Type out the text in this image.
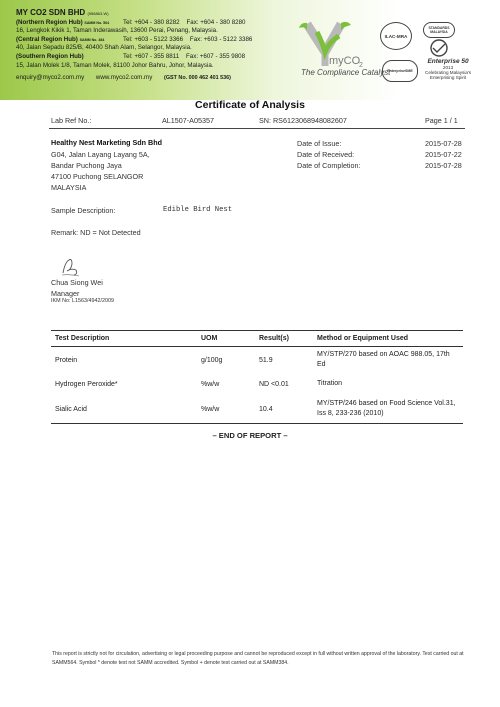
MY CO2 SDN BHD (956863-W)
(Northern Region Hub) SAMM No. 564 Tel: +604 - 380 8282 Fax: +604 - 380 8280
16, Lengkok Kikik 1, Taman Inderawasih, 13600 Perai, Penang, Malaysia.
(Central Region Hub) SAMM No. 384	Tel: +603 - 5122 3366 Fax: +603 - 5122 3386
40, Jalan Sepadu 825/B, 40400 Shah Alam, Selangor, Malaysia.
(Southern Region Hub)	Tel: +607 - 355 8811 Fax: +607 - 355 9808
15, Jalan Molek 1/8, Taman Molek, 81100 Johor Bahru, Johor, Malaysia.
enquiry@myco2.com.my www.myco2.com.my (GST No. 000 462 401 536)
myCO
2
The Compliance Catalyst
ILAC-MRA
STANDARDS MALAYSIA
EnterpriseSME
Enterprise 50
2013
Celebrating Malaysia's
Enterprising Spirit
Certificate of Analysis
Lab Ref No.:	AL1507-A05357	SN: RS6123068948082607	Page 1 / 1
Healthy Nest Marketing Sdn Bhd
G04, Jalan Layang Layang 5A,
Bandar Puchong Jaya
47100 Puchong SELANGOR
MALAYSIA
Date of Issue:	2015-07-28
Date of Received:	2015-07-22
Date of Completion:	2015-07-28
Sample Description:	Edible Bird Nest
Remark: ND = Not Detected
Chua Siong Wei
Manager
IKM No: L1563/4942/2009
Test Description	UOM	Result(s)	Method or Equipment Used
Protein	g/100g	51.9	MY/STP/270 based on AOAC 988.05, 17th Ed
Hydrogen Peroxide*	%w/w	ND <0.01	Titration
Sialic Acid	%w/w	10.4	MY/STP/246 based on Food Science Vol.31, Iss 8, 233-236 (2010)
– END OF REPORT –
This report is strictly not for circulation, advertising or legal proceeding purpose and cannot be reproduced except in full without written approval of the laboratory. Test carried out at SAMM564. Symbol * denote test not SAMM accredited. Symbol + denote test carried out at SAMM384.
